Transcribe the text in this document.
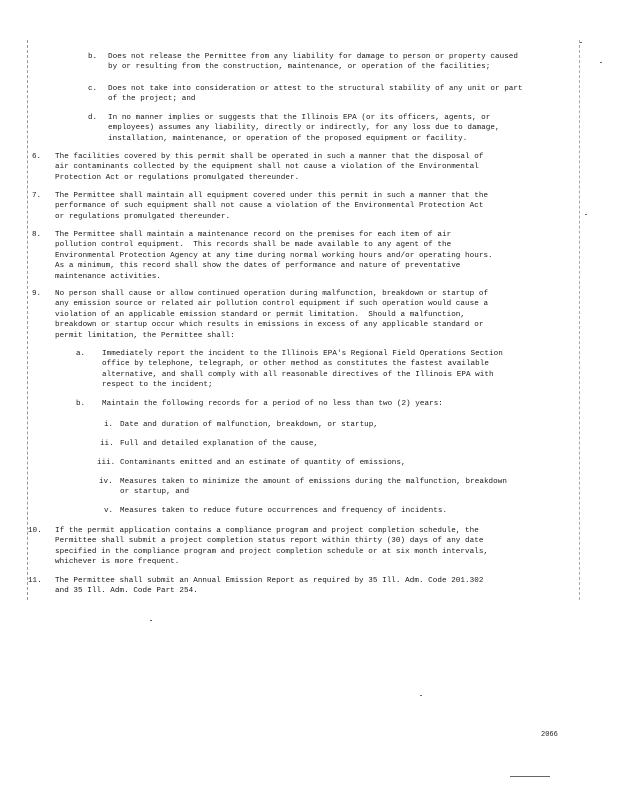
b. Does not release the Permittee from any liability for damage to person or property caused
by or resulting from the construction, maintenance, or operation of the facilities;
c. Does not take into consideration or attest to the structural stability of any unit or part
of the project; and
d. In no manner implies or suggests that the Illinois EPA (or its officers, agents, or
employees) assumes any liability, directly or indirectly, for any loss due to damage,
installation, maintenance, or operation of the proposed equipment or facility.
6. The facilities covered by this permit shall be operated in such a manner that the disposal of
air contaminants collected by the equipment shall not cause a violation of the Environmental
Protection Act or regulations promulgated thereunder.
7. The Permittee shall maintain all equipment covered under this permit in such a manner that the
performance of such equipment shall not cause a violation of the Environmental Protection Act
or regulations promulgated thereunder.
8. The Permittee shall maintain a maintenance record on the premises for each item of air
pollution control equipment.  This records shall be made available to any agent of the
Environmental Protection Agency at any time during normal working hours and/or operating hours.
As a minimum, this record shall show the dates of performance and nature of preventative
maintenance activities.
9. No person shall cause or allow continued operation during malfunction, breakdown or startup of
any emission source or related air pollution control equipment if such operation would cause a
violation of an applicable emission standard or permit limitation.  Should a malfunction,
breakdown or startup occur which results in emissions in excess of any applicable standard or
permit limitation, the Permittee shall:
a. Immediately report the incident to the Illinois EPA's Regional Field Operations Section
office by telephone, telegraph, or other method as constitutes the fastest available
alternative, and shall comply with all reasonable directives of the Illinois EPA with
respect to the incident;
b. Maintain the following records for a period of no less than two (2) years:
i. Date and duration of malfunction, breakdown, or startup,
ii. Full and detailed explanation of the cause,
iii. Contaminants emitted and an estimate of quantity of emissions,
iv. Measures taken to minimize the amount of emissions during the malfunction, breakdown
or startup, and
v. Measures taken to reduce future occurrences and frequency of incidents.
10. If the permit application contains a compliance program and project completion schedule, the
Permittee shall submit a project completion status report within thirty (30) days of any date
specified in the compliance program and project completion schedule or at six month intervals,
whichever is more frequent.
11. The Permittee shall submit an Annual Emission Report as required by 35 Ill. Adm. Code 201.302
and 35 Ill. Adm. Code Part 254.
2066
